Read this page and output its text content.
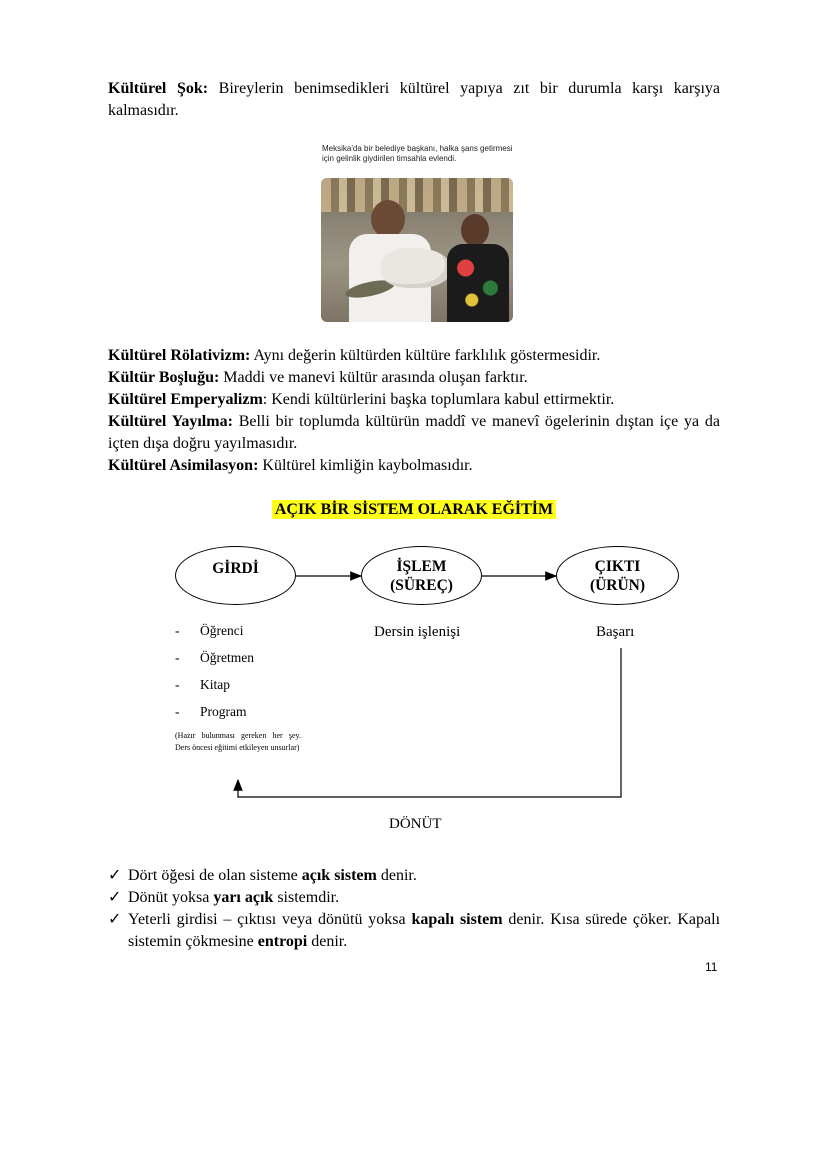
Kültürel Şok: Bireylerin benimsedikleri kültürel yapıya zıt bir durumla karşı karşıya kalmasıdır.

Meksika'da bir belediye başkanı, halka şans getirmesi için gelinlik giydirilen timsahla evlendi.

Kültürel Rölativizm: Aynı değerin kültürden kültüre farklılık göstermesidir.

Kültür Boşluğu: Maddi ve manevi kültür arasında oluşan farktır.

Kültürel Emperyalizm: Kendi kültürlerini başka toplumlara kabul ettirmektir.

Kültürel Yayılma: Belli bir toplumda kültürün maddî ve manevî ögelerinin dıştan içe ya da içten dışa doğru yayılmasıdır.

Kültürel Asimilasyon: Kültürel kimliğin kaybolmasıdır.

AÇIK BİR SİSTEM OLARAK EĞİTİM
GİRDİ	İŞLEM
(SÜREÇ)
ÇIKTI
(ÜRÜN)
Dersin işlenişi	Başarı
- Öğrenci
- Öğretmen
- Kitap
- Program
(Hazır bulunması gereken her şey. Ders öncesi eğitimi etkileyen unsurlar)
DÖNÜT
✓ Dört öğesi de olan sisteme açık sistem denir.
✓ Dönüt yoksa yarı açık sistemdir.
✓ Yeterli girdisi – çıktısı veya dönütü yoksa kapalı sistem denir. Kısa sürede çöker. Kapalı sistemin çökmesine entropi denir.
11
